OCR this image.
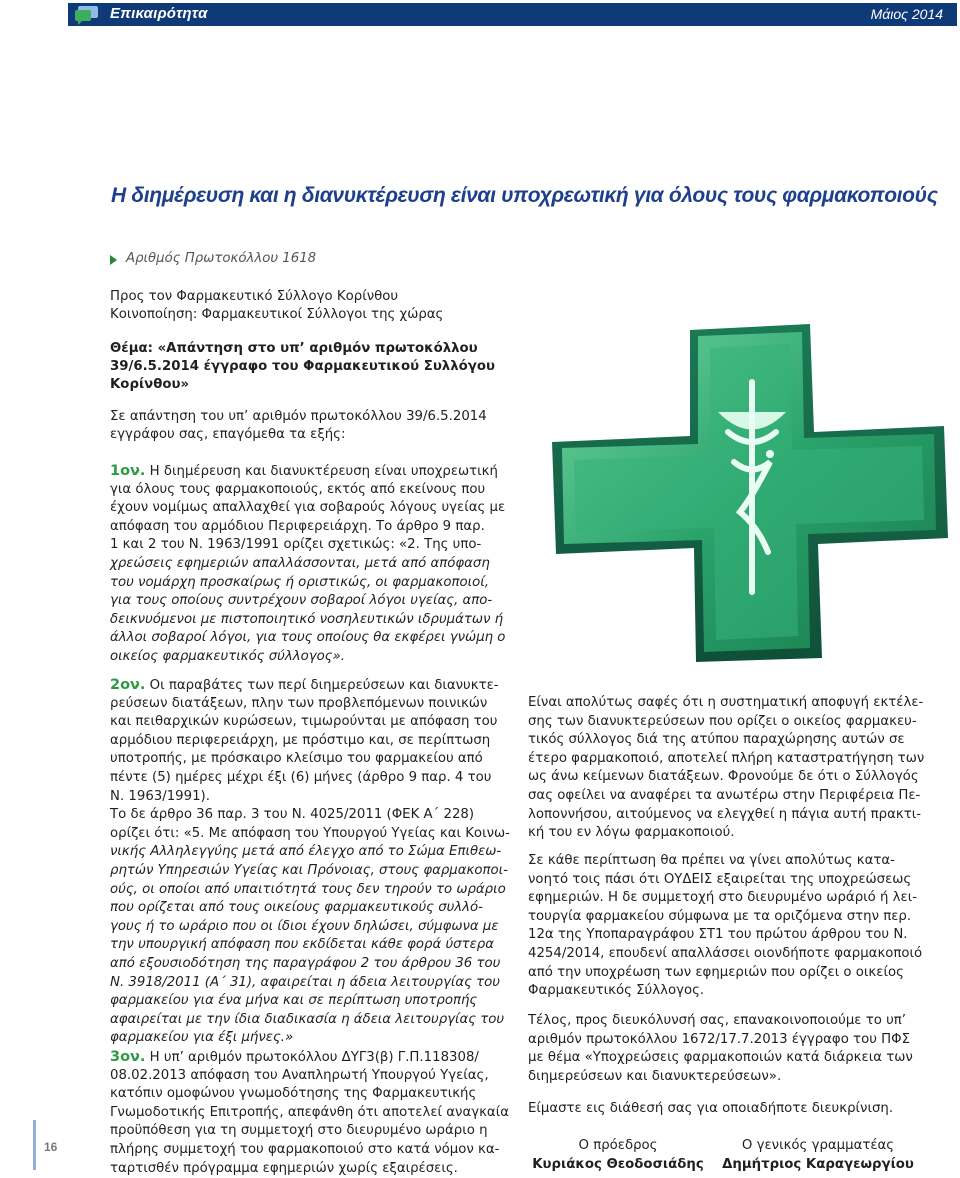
Επικαιρότητα	Μάιος 2014
Η διημέρευση και η διανυκτέρευση είναι υποχρεωτική για όλους τους φαρμακοποιούς
Αριθμός Πρωτοκόλλου 1618
Προς τον Φαρμακευτικό Σύλλογο Κορίνθου
Κοινοποίηση: Φαρμακευτικοί Σύλλογοι της χώρας
Θέμα: «Απάντηση στο υπ’ αριθμόν πρωτοκόλλου
39/6.5.2014 έγγραφο του Φαρμακευτικού Συλλόγου
Κορίνθου»
Σε απάντηση του υπ’ αριθμόν πρωτοκόλλου 39/6.5.2014
εγγράφου σας, επαγόμεθα τα εξής:
1ον. Η διημέρευση και διανυκτέρευση είναι υποχρεωτική
για όλους τους φαρμακοποιούς, εκτός από εκείνους που
έχουν νομίμως απαλλαχθεί για σοβαρούς λόγους υγείας με
απόφαση του αρμόδιου Περιφερειάρχη. Το άρθρο 9 παρ.
1 και 2 του Ν. 1963/1991 ορίζει σχετικώς: «2. Της υπο-
χρεώσεις εφημεριών απαλλάσσονται, μετά από απόφαση
του νομάρχη προσκαίρως ή οριστικώς, οι φαρμακοποιοί,
για τους οποίους συντρέχουν σοβαροί λόγοι υγείας, απο-
δεικνυόμενοι με πιστοποιητικό νοσηλευτικών ιδρυμάτων ή
άλλοι σοβαροί λόγοι, για τους οποίους θα εκφέρει γνώμη ο
οικείος φαρμακευτικός σύλλογος».
2ον. Οι παραβάτες των περί διημερεύσεων και διανυκτε-
ρεύσεων διατάξεων, πλην των προβλεπόμενων ποινικών
και πειθαρχικών κυρώσεων, τιμωρούνται με απόφαση του
αρμόδιου περιφερειάρχη, με πρόστιμο και, σε περίπτωση
υποτροπής, με πρόσκαιρο κλείσιμο του φαρμακείου από
πέντε (5) ημέρες μέχρι έξι (6) μήνες (άρθρο 9 παρ. 4 του
Ν. 1963/1991).
Το δε άρθρο 36 παρ. 3 του Ν. 4025/2011 (ΦΕΚ Α΄ 228)
ορίζει ότι: «5. Με απόφαση του Υπουργού Υγείας και Κοινω-
νικής Αλληλεγγύης μετά από έλεγχο από το Σώμα Επιθεω-
ρητών Υπηρεσιών Υγείας και Πρόνοιας, στους φαρμακοποι-
ούς, οι οποίοι από υπαιτιότητά τους δεν τηρούν το ωράριο
που ορίζεται από τους οικείους φαρμακευτικούς συλλό-
γους ή το ωράριο που οι ίδιοι έχουν δηλώσει, σύμφωνα με
την υπουργική απόφαση που εκδίδεται κάθε φορά ύστερα
από εξουσιοδότηση της παραγράφου 2 του άρθρου 36 του
Ν. 3918/2011 (Α΄ 31), αφαιρείται η άδεια λειτουργίας του
φαρμακείου για ένα μήνα και σε περίπτωση υποτροπής
αφαιρείται με την ίδια διαδικασία η άδεια λειτουργίας του
φαρμακείου για έξι μήνες.»
3ον. Η υπ’ αριθμόν πρωτοκόλλου ΔΥΓ3(β) Γ.Π.118308/
08.02.2013 απόφαση του Αναπληρωτή Υπουργού Υγείας,
κατόπιν ομοφώνου γνωμοδότησης της Φαρμακευτικής
Γνωμοδοτικής Επιτροπής, απεφάνθη ότι αποτελεί αναγκαία
προϋπόθεση για τη συμμετοχή στο διευρυμένο ωράριο η
πλήρης συμμετοχή του φαρμακοποιού στο κατά νόμον κα-
ταρτισθέν πρόγραμμα εφημεριών χωρίς εξαιρέσεις.
Είναι απολύτως σαφές ότι η συστηματική αποφυγή εκτέλε-
σης των διανυκτερεύσεων που ορίζει ο οικείος φαρμακευ-
τικός σύλλογος διά της ατύπου παραχώρησης αυτών σε
έτερο φαρμακοποιό, αποτελεί πλήρη καταστρατήγηση των
ως άνω κείμενων διατάξεων. Φρονούμε δε ότι ο Σύλλογός
σας οφείλει να αναφέρει τα ανωτέρω στην Περιφέρεια Πε-
λοποννήσου, αιτούμενος να ελεγχθεί η πάγια αυτή πρακτι-
κή του εν λόγω φαρμακοποιού.
Σε κάθε περίπτωση θα πρέπει να γίνει απολύτως κατα-
νοητό τοις πάσι ότι ΟΥΔΕΙΣ εξαιρείται της υποχρεώσεως
εφημεριών. Η δε συμμετοχή στο διευρυμένο ωράριό ή λει-
τουργία φαρμακείου σύμφωνα με τα οριζόμενα στην περ.
12α της Υποπαραγράφου ΣΤ1 του πρώτου άρθρου του Ν.
4254/2014, επουδενί απαλλάσσει οιονδήποτε φαρμακοποιό
από την υποχρέωση των εφημεριών που ορίζει ο οικείος
Φαρμακευτικός Σύλλογος.
Τέλος, προς διευκόλυνσή σας, επανακοινοποιούμε το υπ’
αριθμόν πρωτοκόλλου 1672/17.7.2013 έγγραφο του ΠΦΣ
με θέμα «Υποχρεώσεις φαρμακοποιών κατά διάρκεια των
διημερεύσεων και διανυκτερεύσεων».
Είμαστε εις διάθεσή σας για οποιαδήποτε διευκρίνιση.
Ο πρόεδρος
Κυριάκος Θεοδοσιάδης
Ο γενικός γραμματέας
Δημήτριος Καραγεωργίου
16
